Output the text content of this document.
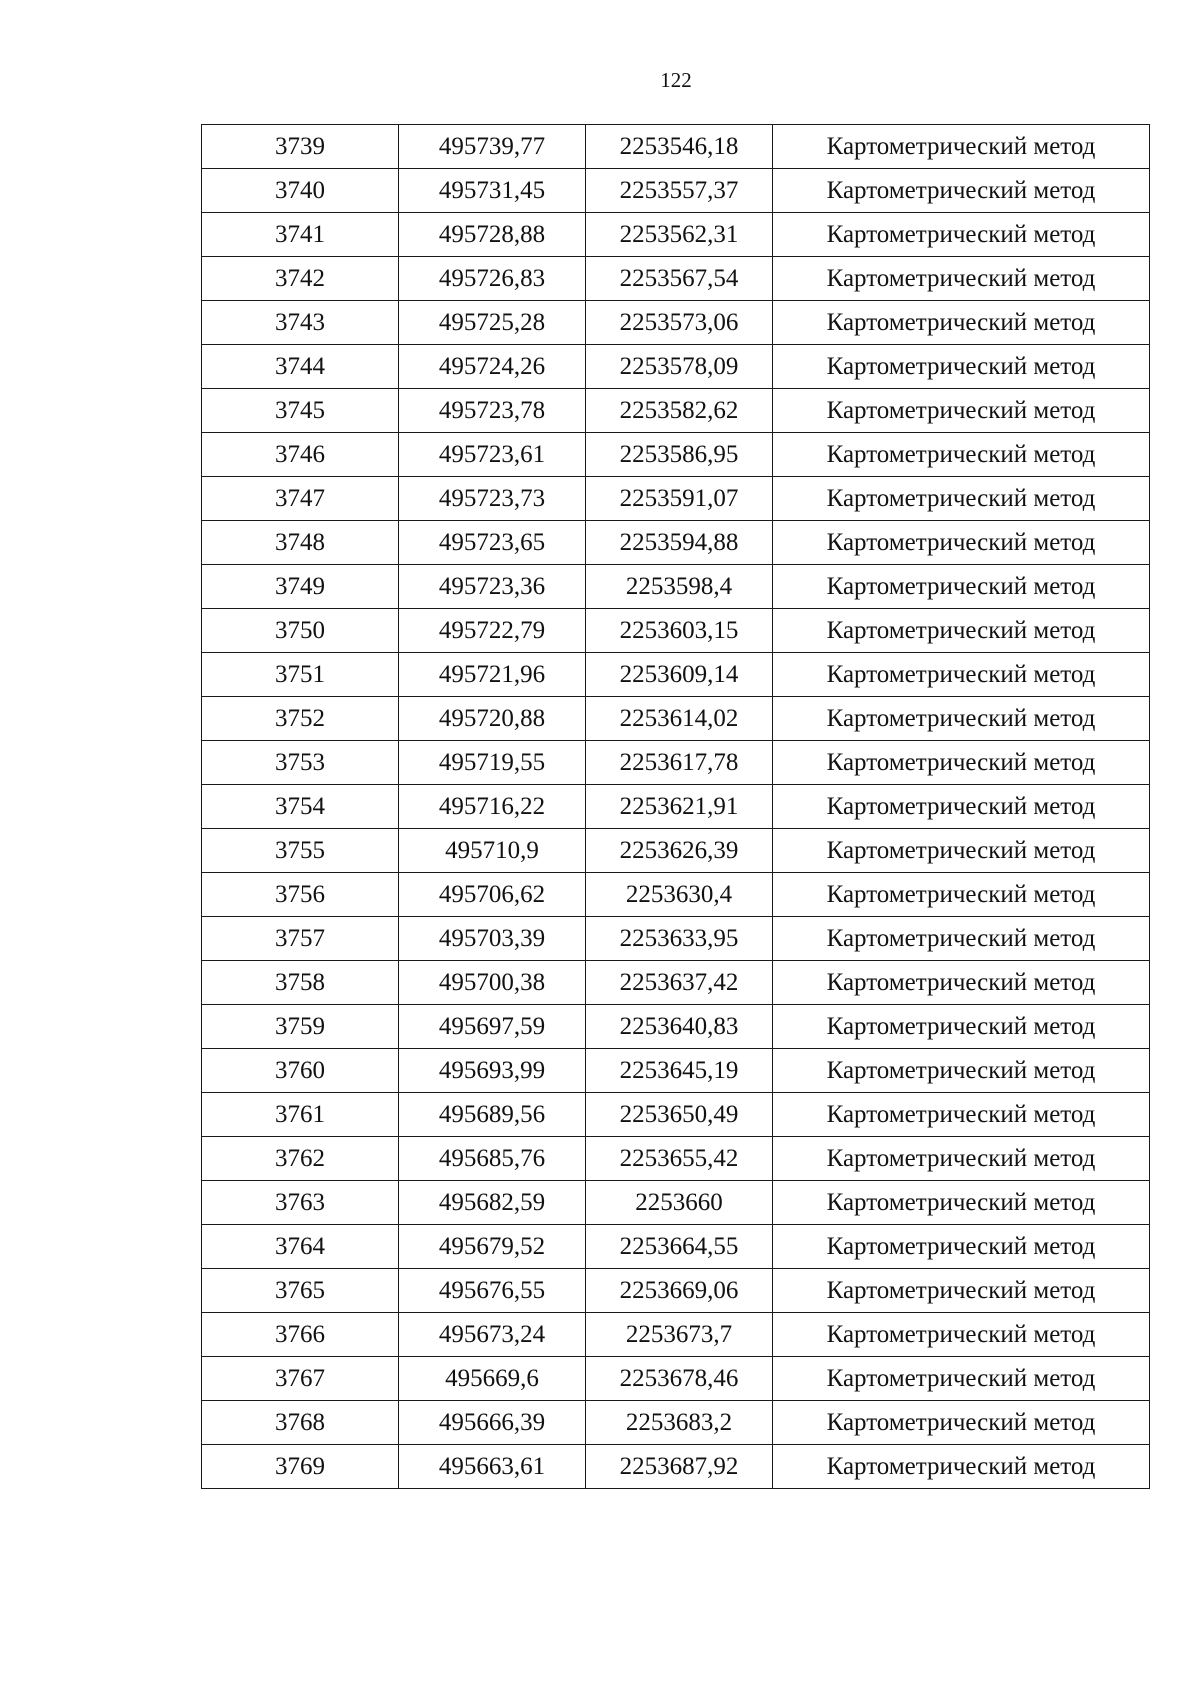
122
3739	495739,77	2253546,18	Картометрический метод
3740	495731,45	2253557,37	Картометрический метод
3741	495728,88	2253562,31	Картометрический метод
3742	495726,83	2253567,54	Картометрический метод
3743	495725,28	2253573,06	Картометрический метод
3744	495724,26	2253578,09	Картометрический метод
3745	495723,78	2253582,62	Картометрический метод
3746	495723,61	2253586,95	Картометрический метод
3747	495723,73	2253591,07	Картометрический метод
3748	495723,65	2253594,88	Картометрический метод
3749	495723,36	2253598,4	Картометрический метод
3750	495722,79	2253603,15	Картометрический метод
3751	495721,96	2253609,14	Картометрический метод
3752	495720,88	2253614,02	Картометрический метод
3753	495719,55	2253617,78	Картометрический метод
3754	495716,22	2253621,91	Картометрический метод
3755	495710,9	2253626,39	Картометрический метод
3756	495706,62	2253630,4	Картометрический метод
3757	495703,39	2253633,95	Картометрический метод
3758	495700,38	2253637,42	Картометрический метод
3759	495697,59	2253640,83	Картометрический метод
3760	495693,99	2253645,19	Картометрический метод
3761	495689,56	2253650,49	Картометрический метод
3762	495685,76	2253655,42	Картометрический метод
3763	495682,59	2253660	Картометрический метод
3764	495679,52	2253664,55	Картометрический метод
3765	495676,55	2253669,06	Картометрический метод
3766	495673,24	2253673,7	Картометрический метод
3767	495669,6	2253678,46	Картометрический метод
3768	495666,39	2253683,2	Картометрический метод
3769	495663,61	2253687,92	Картометрический метод
